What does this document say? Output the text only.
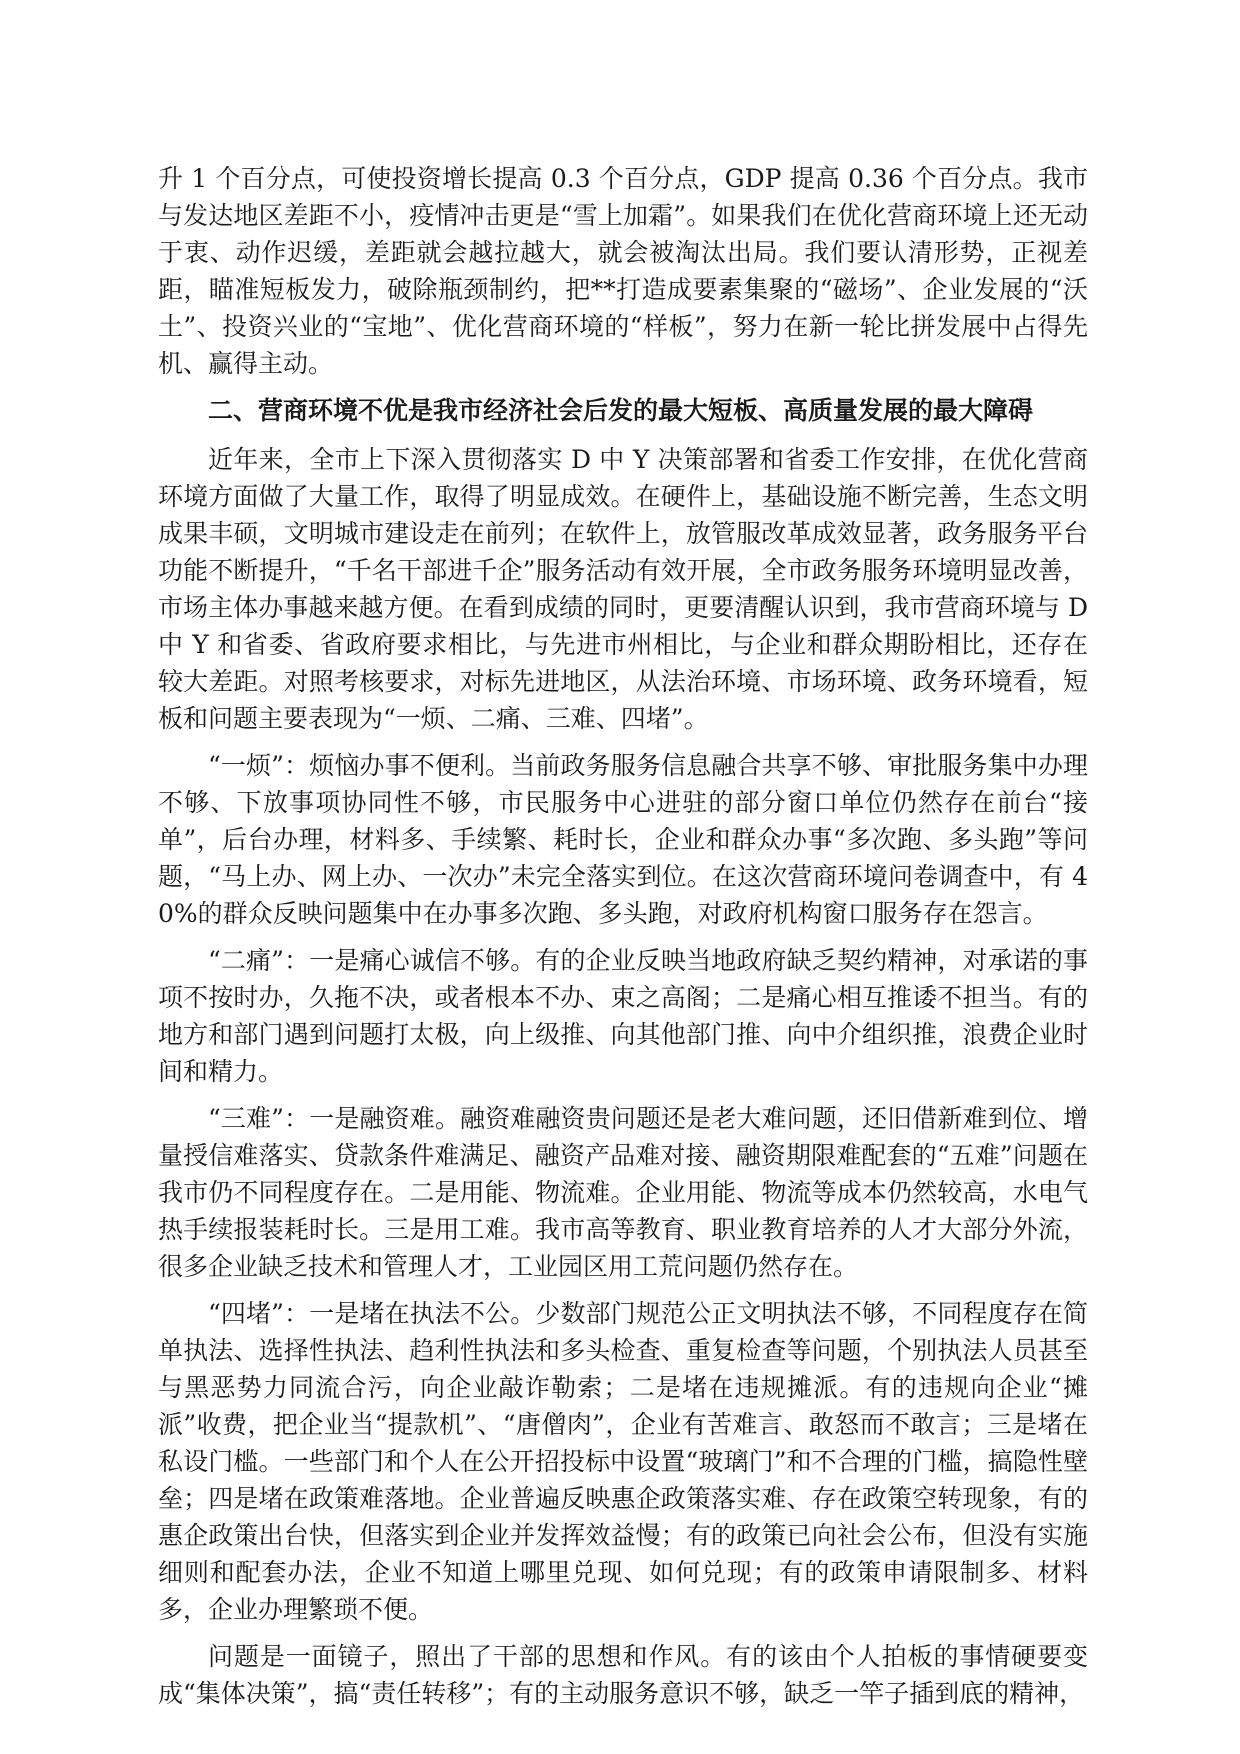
升 1 个百分点，可使投资增长提高 0.3 个百分点，GDP 提高 0.36 个百分点。我市与发达地区差距不小，疫情冲击更是“雪上加霜”。如果我们在优化营商环境上还无动于衷、动作迟缓，差距就会越拉越大，就会被淘汰出局。我们要认清形势，正视差距，瞄准短板发力，破除瓶颈制约，把**打造成要素集聚的“磁场”、企业发展的“沃土”、投资兴业的“宝地”、优化营商环境的“样板”，努力在新一轮比拼发展中占得先机、赢得主动。

二、营商环境不优是我市经济社会后发的最大短板、高质量发展的最大障碍

近年来，全市上下深入贯彻落实 D 中 Y 决策部署和省委工作安排，在优化营商环境方面做了大量工作，取得了明显成效。在硬件上，基础设施不断完善，生态文明成果丰硕，文明城市建设走在前列；在软件上，放管服改革成效显著，政务服务平台功能不断提升，“千名干部进千企”服务活动有效开展，全市政务服务环境明显改善，市场主体办事越来越方便。在看到成绩的同时，更要清醒认识到，我市营商环境与 D 中 Y 和省委、省政府要求相比，与先进市州相比，与企业和群众期盼相比，还存在较大差距。对照考核要求，对标先进地区，从法治环境、市场环境、政务环境看，短板和问题主要表现为“一烦、二痛、三难、四堵”。

“一烦”：烦恼办事不便利。当前政务服务信息融合共享不够、审批服务集中办理不够、下放事项协同性不够，市民服务中心进驻的部分窗口单位仍然存在前台“接单”，后台办理，材料多、手续繁、耗时长，企业和群众办事“多次跑、多头跑”等问题，“马上办、网上办、一次办”未完全落实到位。在这次营商环境问卷调查中，有 40%的群众反映问题集中在办事多次跑、多头跑，对政府机构窗口服务存在怨言。

“二痛”：一是痛心诚信不够。有的企业反映当地政府缺乏契约精神，对承诺的事项不按时办，久拖不决，或者根本不办、束之高阁；二是痛心相互推诿不担当。有的地方和部门遇到问题打太极，向上级推、向其他部门推、向中介组织推，浪费企业时间和精力。

“三难”：一是融资难。融资难融资贵问题还是老大难问题，还旧借新难到位、增量授信难落实、贷款条件难满足、融资产品难对接、融资期限难配套的“五难”问题在我市仍不同程度存在。二是用能、物流难。企业用能、物流等成本仍然较高，水电气热手续报装耗时长。三是用工难。我市高等教育、职业教育培养的人才大部分外流，很多企业缺乏技术和管理人才，工业园区用工荒问题仍然存在。

“四堵”：一是堵在执法不公。少数部门规范公正文明执法不够，不同程度存在简单执法、选择性执法、趋利性执法和多头检查、重复检查等问题，个别执法人员甚至与黑恶势力同流合污，向企业敲诈勒索；二是堵在违规摊派。有的违规向企业“摊派”收费，把企业当“提款机”、“唐僧肉”，企业有苦难言、敢怒而不敢言；三是堵在私设门槛。一些部门和个人在公开招投标中设置“玻璃门”和不合理的门槛，搞隐性壁垒；四是堵在政策难落地。企业普遍反映惠企政策落实难、存在政策空转现象，有的惠企政策出台快，但落实到企业并发挥效益慢；有的政策已向社会公布，但没有实施细则和配套办法，企业不知道上哪里兑现、如何兑现；有的政策申请限制多、材料多，企业办理繁琐不便。

问题是一面镜子，照出了干部的思想和作风。有的该由个人拍板的事情硬要变成“集体决策”，搞“责任转移”；有的主动服务意识不够，缺乏一竿子插到底的精神，
